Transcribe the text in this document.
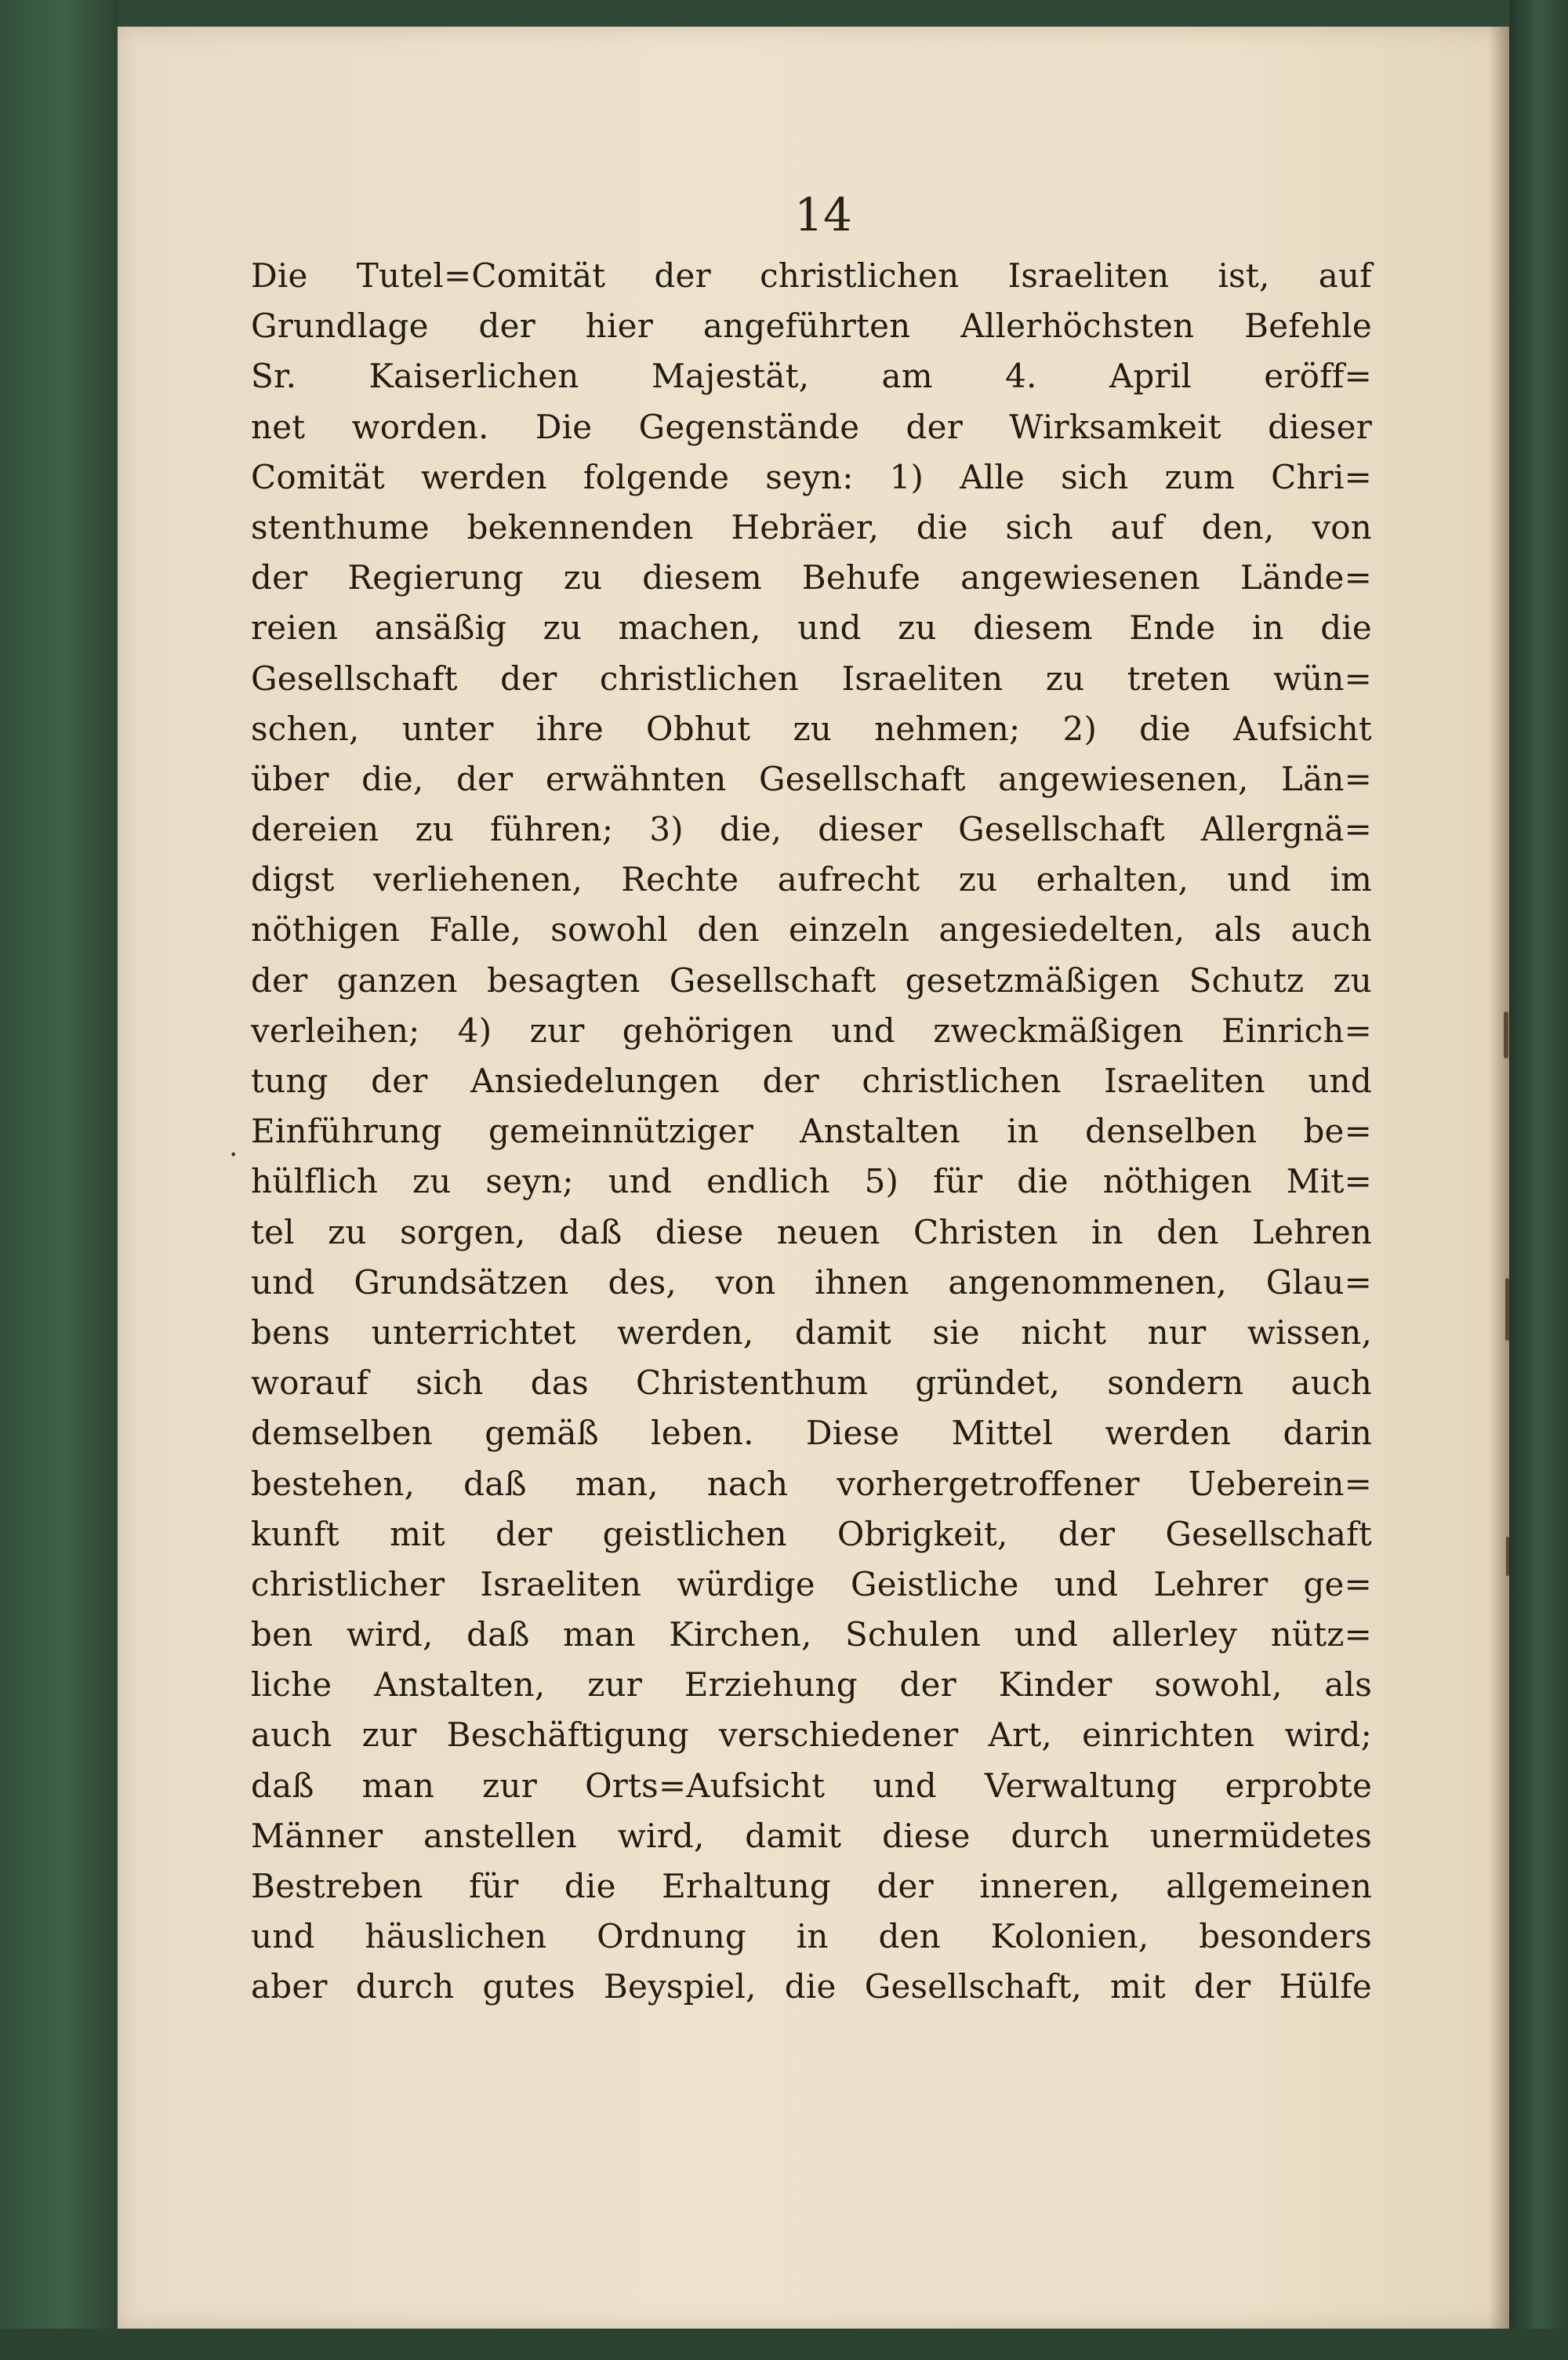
14
Die Tutel=Comität der christlichen Israeliten ist, auf
Grundlage der hier angeführten Allerhöchsten Befehle
Sr. Kaiserlichen Majestät, am 4. April eröff=
net worden. Die Gegenstände der Wirksamkeit dieser
Comität werden folgende seyn: 1) Alle sich zum Chri=
stenthume bekennenden Hebräer, die sich auf den, von
der Regierung zu diesem Behufe angewiesenen Lände=
reien ansäßig zu machen, und zu diesem Ende in die
Gesellschaft der christlichen Israeliten zu treten wün=
schen, unter ihre Obhut zu nehmen; 2) die Aufsicht
über die, der erwähnten Gesellschaft angewiesenen, Län=
dereien zu führen; 3) die, dieser Gesellschaft Allergnä=
digst verliehenen, Rechte aufrecht zu erhalten, und im
nöthigen Falle, sowohl den einzeln angesiedelten, als auch
der ganzen besagten Gesellschaft gesetzmäßigen Schutz zu
verleihen; 4) zur gehörigen und zweckmäßigen Einrich=
tung der Ansiedelungen der christlichen Israeliten und
Einführung gemeinnütziger Anstalten in denselben be=
hülflich zu seyn; und endlich 5) für die nöthigen Mit=
tel zu sorgen, daß diese neuen Christen in den Lehren
und Grundsätzen des, von ihnen angenommenen, Glau=
bens unterrichtet werden, damit sie nicht nur wissen,
worauf sich das Christenthum gründet, sondern auch
demselben gemäß leben. Diese Mittel werden darin
bestehen, daß man, nach vorhergetroffener Ueberein=
kunft mit der geistlichen Obrigkeit, der Gesellschaft
christlicher Israeliten würdige Geistliche und Lehrer ge=
ben wird, daß man Kirchen, Schulen und allerley nütz=
liche Anstalten, zur Erziehung der Kinder sowohl, als
auch zur Beschäftigung verschiedener Art, einrichten wird;
daß man zur Orts=Aufsicht und Verwaltung erprobte
Männer anstellen wird, damit diese durch unermüdetes
Bestreben für die Erhaltung der inneren, allgemeinen
und häuslichen Ordnung in den Kolonien, besonders
aber durch gutes Beyspiel, die Gesellschaft, mit der Hülfe
·
